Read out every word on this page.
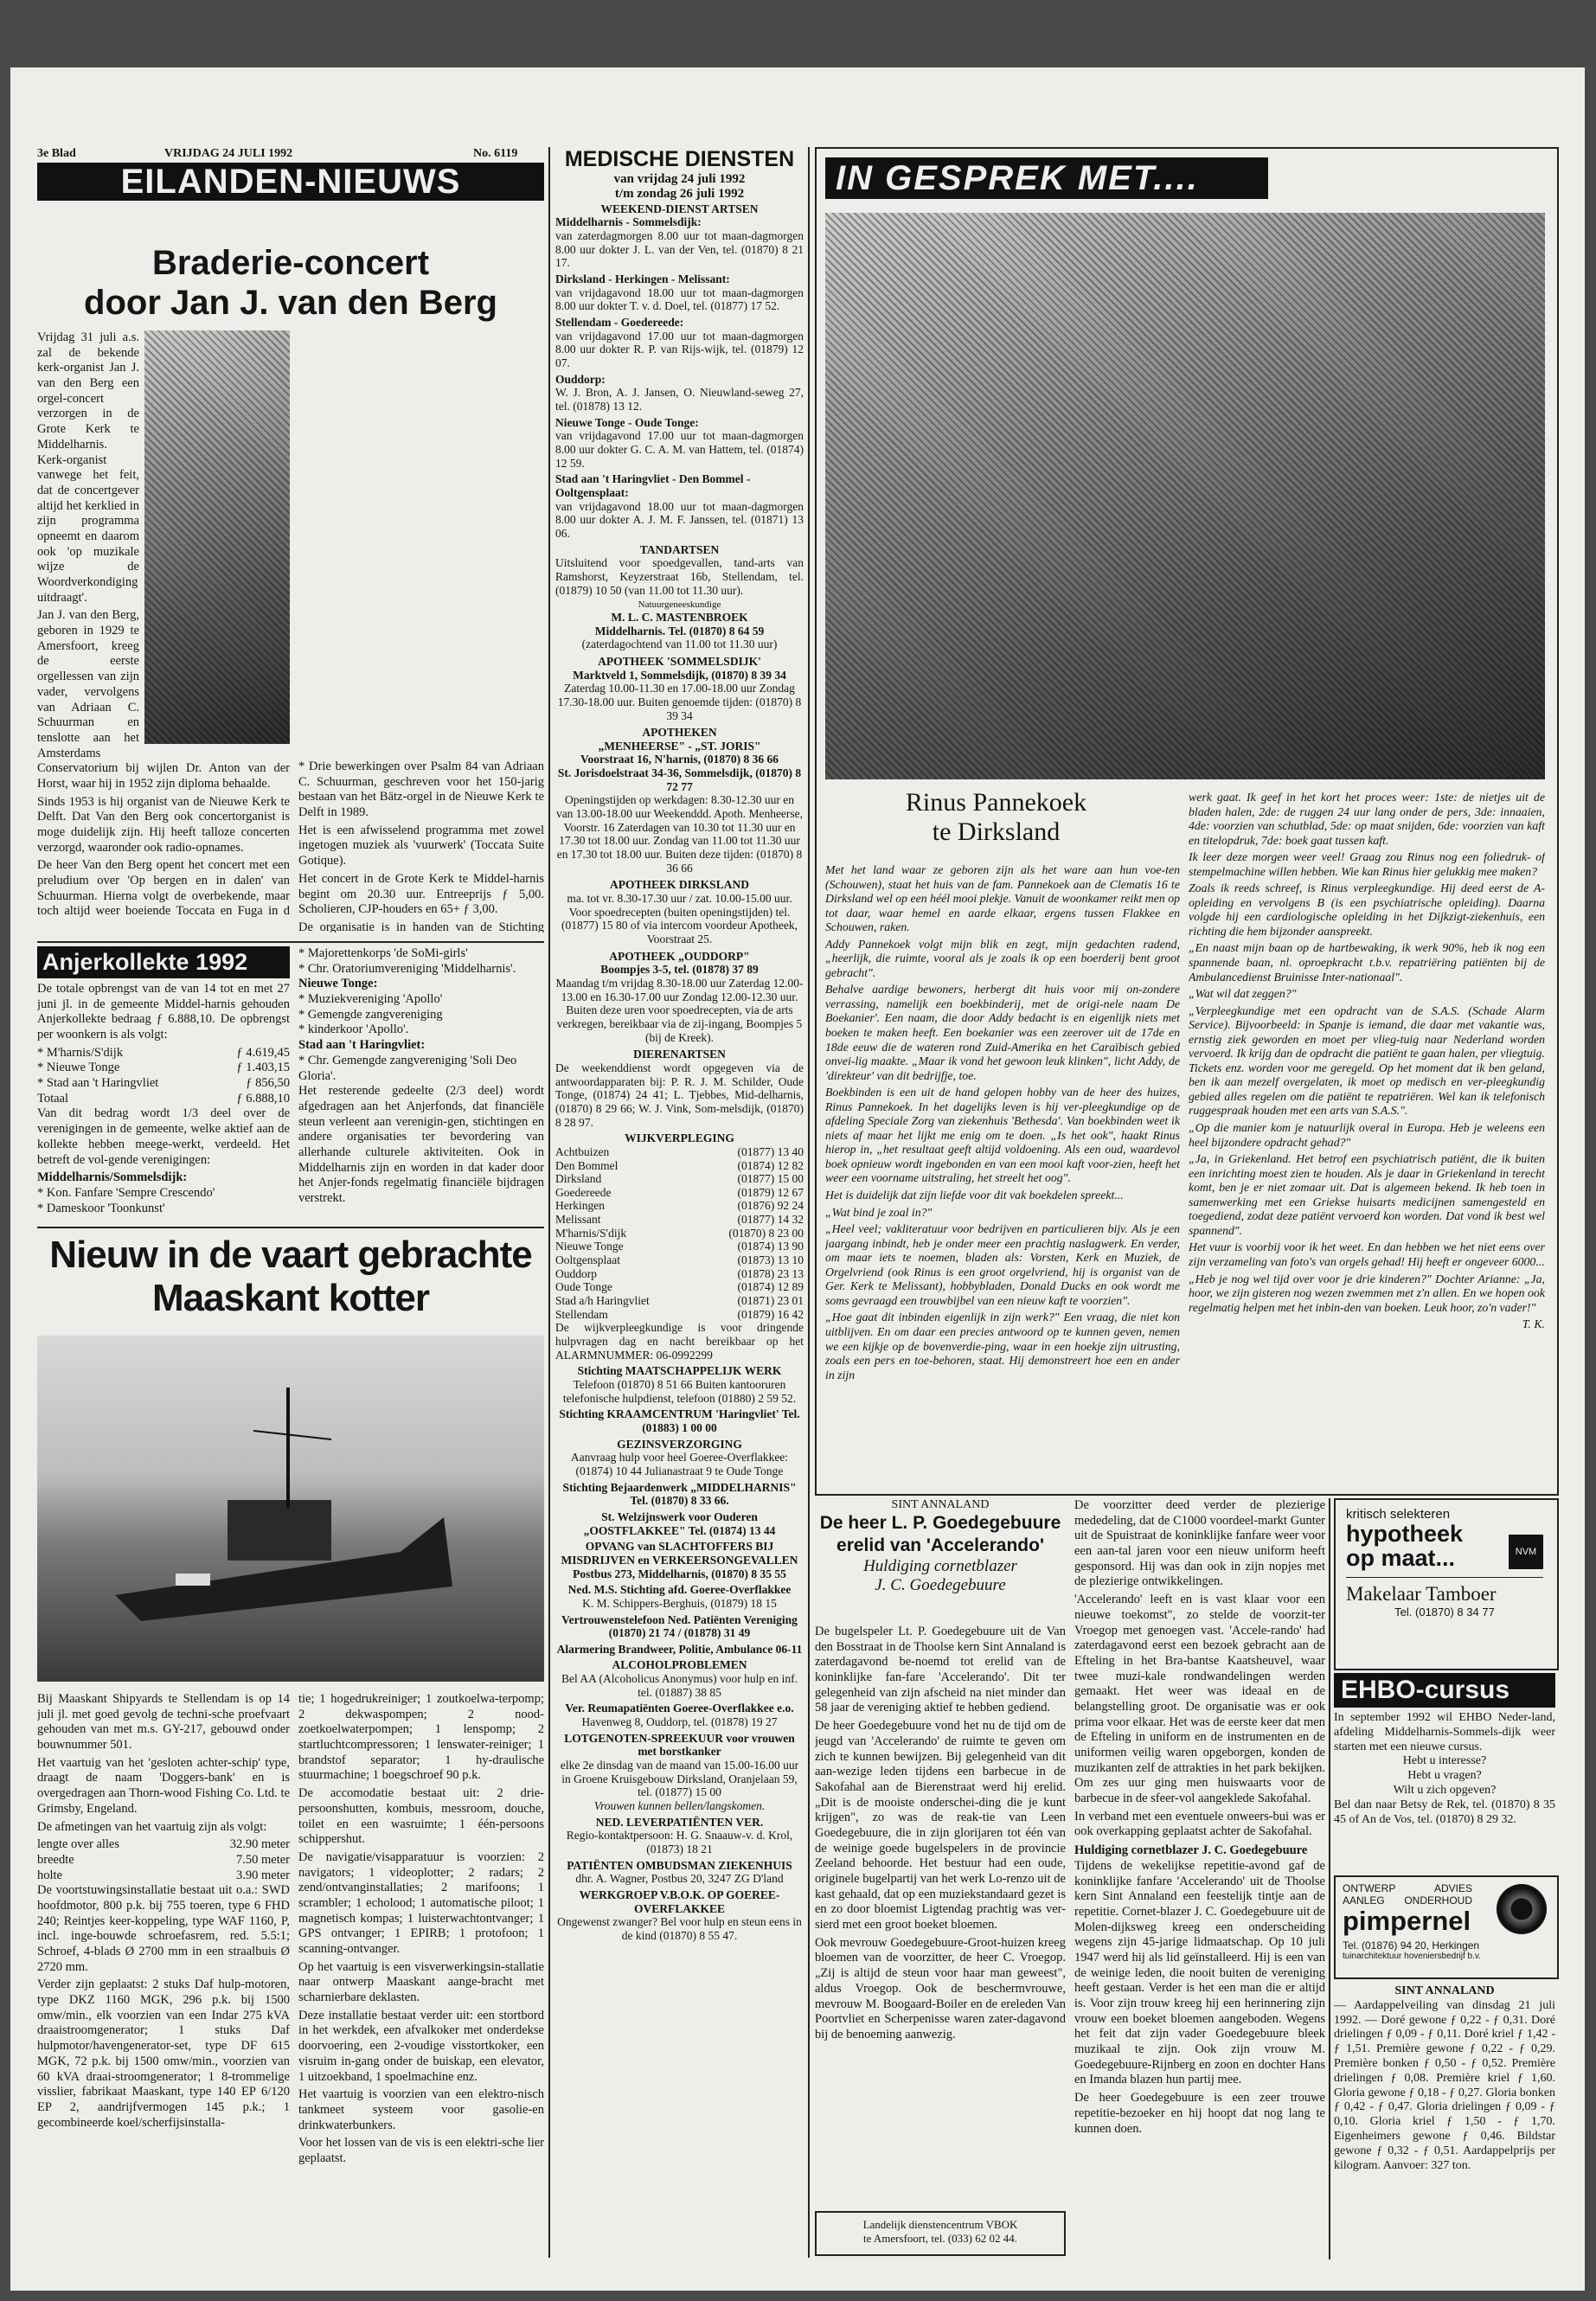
3e Blad	VRIJDAG 24 JULI 1992	No. 6119
EILANDEN-NIEUWS
Braderie-concert
door Jan J. van den Berg

Vrijdag 31 juli a.s. zal de bekende kerk-organist Jan J. van den Berg een orgel-concert verzorgen in de Grote Kerk te Middelharnis. Kerk-organist vanwege het feit, dat de concertgever altijd het kerklied in zijn programma opneemt en daarom ook 'op muzikale wijze de Woordverkondiging uitdraagt'.

Jan J. van den Berg, geboren in 1929 te Amersfoort, kreeg de eerste orgellessen van zijn vader, vervolgens van Adriaan C. Schuurman en tenslotte aan het Amsterdams Conservatorium bij wijlen Dr. Anton van der Horst, waar hij in 1952 zijn diploma behaalde.

Sinds 1953 is hij organist van de Nieuwe Kerk te Delft. Dat Van den Berg ook concertorganist is moge duidelijk zijn. Hij heeft talloze concerten verzorgd, waaronder ook radio-opnames.

De heer Van den Berg opent het concert met een preludium over 'Op bergen en in dalen' van Schuurman. Hierna volgt de overbekende, maar toch altijd weer boeiende Toccata en Fuga in d

* Drie bewerkingen over Psalm 84 van Adriaan C. Schuurman, geschreven voor het 150-jarig bestaan van het Bätz-orgel in de Nieuwe Kerk te Delft in 1989.

Het is een afwisselend programma met zowel ingetogen muziek als 'vuurwerk' (Toccata Suite Gotique).

Het concert in de Grote Kerk te Middel-harnis begint om 20.30 uur. Entreeprijs ƒ 5,00. Scholieren, CJP-houders en 65+ ƒ 3,00.

De organisatie is in handen van de Stichting

Anjerkollekte 1992

De totale opbrengst van de van 14 tot en met 27 juni jl. in de gemeente Middel-harnis gehouden Anjerkollekte bedraag ƒ 6.888,10. De opbrengst per woonkern is als volgt:

* M'harnis/S'dijk	ƒ 4.619,45
* Nieuwe Tonge	ƒ 1.403,15
* Stad aan 't Haringvliet	ƒ 856,50
Totaal	ƒ 6.888,10

Van dit bedrag wordt 1/3 deel over de verenigingen in de gemeente, welke aktief aan de kollekte hebben meege-werkt, verdeeld. Het betreft de vol-gende verenigingen:

Middelharnis/Sommelsdijk:
* Kon. Fanfare 'Sempre Crescendo'
* Dameskoor 'Toonkunst'
* Majorettenkorps 'de SoMi-girls'
* Chr. Oratoriumvereniging 'Middelharnis'.
Nieuwe Tonge:
* Muziekvereniging 'Apollo'
* Gemengde zangvereniging
* kinderkoor 'Apollo'.
Stad aan 't Haringvliet:
* Chr. Gemengde zangvereniging 'Soli Deo Gloria'.

Het resterende gedeelte (2/3 deel) wordt afgedragen aan het Anjerfonds, dat financiële steun verleent aan verenigin-gen, stichtingen en andere organisaties ter bevordering van allerhande culturele aktiviteiten. Ook in Middelharnis zijn en worden in dat kader door het Anjer-fonds regelmatig financiële bijdragen verstrekt.

Nieuw in de vaart gebrachte
Maaskant kotter

Bij Maaskant Shipyards te Stellendam is op 14 juli jl. met goed gevolg de techni-sche proefvaart gehouden van met m.s. GY-217, gebouwd onder bouwnummer 501.

Het vaartuig van het 'gesloten achter-schip' type, draagt de naam 'Doggers-bank' en is overgedragen aan Thorn-wood Fishing Co. Ltd. te Grimsby, Engeland.

De afmetingen van het vaartuig zijn als volgt:

lengte over alles	32.90 meter
breedte	7.50 meter
holte	3.90 meter

De voortstuwingsinstallatie bestaat uit o.a.: SWD hoofdmotor, 800 p.k. bij 755 toeren, type 6 FHD 240; Reintjes keer-koppeling, type WAF 1160, P, incl. inge-bouwde schroefasrem, red. 5.5:1; Schroef, 4-blads Ø 2700 mm in een straalbuis Ø 2720 mm.

Verder zijn geplaatst: 2 stuks Daf hulp-motoren, type DKZ 1160 MGK, 296 p.k. bij 1500 omw/min., elk voorzien van een Indar 275 kVA draaistroomgenerator; 1 stuks Daf hulpmotor/havengenerator-set, type DF 615 MGK, 72 p.k. bij 1500 omw/min., voorzien van 60 kVA draai-stroomgenerator; 1 8-trommelige visslier, fabrikaat Maaskant, type 140 EP 6/120 EP 2, aandrijfvermogen 145 p.k.; 1 gecombineerde koel/scherfijsinstalla-

tie; 1 hogedrukreiniger; 1 zoutkoelwa-terpomp; 2 dekwaspompen; 2 nood-zoetkoelwaterpompen; 1 lenspomp; 2 startluchtcompressoren; 1 lenswater-reiniger; 1 brandstof separator; 1 hy-draulische stuurmachine; 1 boegschroef 90 p.k.

De accomodatie bestaat uit: 2 drie-persoonshutten, kombuis, messroom, douche, toilet en een wasruimte; 1 één-persoons schippershut.

De navigatie/visapparatuur is voorzien: 2 navigators; 1 videoplotter; 2 radars; 2 zend/ontvanginstallaties; 2 marifoons; 1 scrambler; 1 echolood; 1 automatische piloot; 1 magnetisch kompas; 1 luisterwachtontvanger; 1 GPS ontvanger; 1 EPIRB; 1 protofoon; 1 scanning-ontvanger.

Op het vaartuig is een visverwerkingsin-stallatie naar ontwerp Maaskant aange-bracht met scharnierbare deklasten.

Deze installatie bestaat verder uit: een stortbord in het werkdek, een afvalkoker met onderdekse doorvoering, een 2-voudige visstortkoker, een visruim in-gang onder de buiskap, een elevator, 1 uitzoekband, 1 spoelmachine enz.

Het vaartuig is voorzien van een elektro-nisch tankmeet systeem voor gasolie-en drinkwaterbunkers.

Voor het lossen van de vis is een elektri-sche lier geplaatst.

MEDISCHE DIENSTEN
van vrijdag 24 juli 1992
t/m zondag 26 juli 1992
WEEKEND-DIENST ARTSEN
Middelharnis - Sommelsdijk:

van zaterdagmorgen 8.00 uur tot maan-dagmorgen 8.00 uur dokter J. L. van der Ven, tel. (01870) 8 21 17.

Dirksland - Herkingen - Melissant:

van vrijdagavond 18.00 uur tot maan-dagmorgen 8.00 uur dokter T. v. d. Doel, tel. (01877) 17 52.

Stellendam - Goedereede:

van vrijdagavond 17.00 uur tot maan-dagmorgen 8.00 uur dokter R. P. van Rijs-wijk, tel. (01879) 12 07.

Ouddorp:

W. J. Bron, A. J. Jansen, O. Nieuwland-seweg 27, tel. (01878) 13 12.

Nieuwe Tonge - Oude Tonge:

van vrijdagavond 17.00 uur tot maan-dagmorgen 8.00 uur dokter G. C. A. M. van Hattem, tel. (01874) 12 59.

Stad aan 't Haringvliet - Den Bommel - Ooltgensplaat:

van vrijdagavond 18.00 uur tot maan-dagmorgen 8.00 uur dokter A. J. M. F. Janssen, tel. (01871) 13 06.

TANDARTSEN

Uitsluitend voor spoedgevallen, tand-arts van Ramshorst, Keyzerstraat 16b, Stellendam, tel. (01879) 10 50 (van 11.00 tot 11.30 uur).

Natuurgeneeskundige
M. L. C. MASTENBROEK
Middelharnis. Tel. (01870) 8 64 59
(zaterdagochtend van 11.00 tot 11.30 uur)
APOTHEEK 'SOMMELSDIJK'
Marktveld 1, Sommelsdijk, (01870) 8 39 34
Zaterdag 10.00-11.30 en 17.00-18.00 uur Zondag 17.30-18.00 uur. Buiten genoemde tijden: (01870) 8 39 34
APOTHEKEN
„MENHEERSE" - „ST. JORIS"
Voorstraat 16, N'harnis, (01870) 8 36 66
St. Jorisdoelstraat 34-36, Sommelsdijk, (01870) 8 72 77
Openingstijden op werkdagen: 8.30-12.30 uur en van 13.00-18.00 uur Weekenddd. Apoth. Menheerse, Voorstr. 16 Zaterdagen van 10.30 tot 11.30 uur en 17.30 tot 18.00 uur. Zondag van 11.00 tot 11.30 uur en 17.30 tot 18.00 uur. Buiten deze tijden: (01870) 8 36 66
APOTHEEK DIRKSLAND
ma. tot vr. 8.30-17.30 uur / zat. 10.00-15.00 uur. Voor spoedrecepten (buiten openingstijden) tel. (01877) 15 80 of via intercom voordeur Apotheek, Voorstraat 25.
APOTHEEK „OUDDORP"
Boompjes 3-5, tel. (01878) 37 89
Maandag t/m vrijdag 8.30-18.00 uur Zaterdag 12.00-13.00 en 16.30-17.00 uur Zondag 12.00-12.30 uur. Buiten deze uren voor spoedrecepten, via de arts verkregen, bereikbaar via de zij-ingang, Boompjes 5 (bij de Kreek).
DIERENARTSEN

De weekenddienst wordt opgegeven via de antwoordapparaten bij: P. R. J. M. Schilder, Oude Tonge, (01874) 24 41; L. Tjebbes, Mid-delharnis, (01870) 8 29 66; W. J. Vink, Som-melsdijk, (01870) 8 28 97.

WIJKVERPLEGING
Achtbuizen	(01877) 13 40
Den Bommel	(01874) 12 82
Dirksland	(01877) 15 00
Goedereede	(01879) 12 67
Herkingen	(01876) 92 24
Melissant	(01877) 14 32
M'harnis/S'dijk	(01870) 8 23 00
Nieuwe Tonge	(01874) 13 90
Ooltgensplaat	(01873) 13 10
Ouddorp	(01878) 23 13
Oude Tonge	(01874) 12 89
Stad a/h Haringvliet	(01871) 23 01
Stellendam	(01879) 16 42

De wijkverpleegkundige is voor dringende hulpvragen dag en nacht bereikbaar op het ALARMNUMMER: 06-0992299

Stichting MAATSCHAPPELIJK WERK
Telefoon (01870) 8 51 66 Buiten kantooruren telefonische hulpdienst, telefoon (01880) 2 59 52.
Stichting KRAAMCENTRUM 'Haringvliet' Tel. (01883) 1 00 00
GEZINSVERZORGING
Aanvraag hulp voor heel Goeree-Overflakkee: (01874) 10 44 Julianastraat 9 te Oude Tonge
Stichting Bejaardenwerk „MIDDELHARNIS" Tel. (01870) 8 33 66.
St. Welzijnswerk voor Ouderen „OOSTFLAKKEE" Tel. (01874) 13 44
OPVANG van SLACHTOFFERS BIJ MISDRIJVEN en VERKEERSONGEVALLEN
Postbus 273, Middelharnis, (01870) 8 35 55
Ned. M.S. Stichting afd. Goeree-Overflakkee
K. M. Schippers-Berghuis, (01879) 18 15
Vertrouwenstelefoon Ned. Patiënten Vereniging (01870) 21 74 / (01878) 31 49
Alarmering Brandweer, Politie, Ambulance 06-11
ALCOHOLPROBLEMEN
Bel AA (Alcoholicus Anonymus) voor hulp en inf. tel. (01887) 38 85
Ver. Reumapatiënten Goeree-Overflakkee e.o.
Havenweg 8, Ouddorp, tel. (01878) 19 27
LOTGENOTEN-SPREEKUUR voor vrouwen met borstkanker
elke 2e dinsdag van de maand van 15.00-16.00 uur in Groene Kruisgebouw Dirksland, Oranjelaan 59, tel. (01877) 15 00
Vrouwen kunnen bellen/langskomen.
NED. LEVERPATIËNTEN VER.
Regio-kontaktpersoon: H. G. Snaauw-v. d. Krol, (01873) 18 21
PATIËNTEN OMBUDSMAN ZIEKENHUIS
dhr. A. Wagner, Postbus 20, 3247 ZG D'land
WERKGROEP V.B.O.K. OP GOEREE-OVERFLAKKEE
Ongewenst zwanger? Bel voor hulp en steun eens in de kind (01870) 8 55 47.
IN GESPREK MET....
Rinus Pannekoek
te Dirksland

Met het land waar ze geboren zijn als het ware aan hun voe-ten (Schouwen), staat het huis van de fam. Pannekoek aan de Clematis 16 te Dirksland wel op een héél mooi plekje. Vanuit de woonkamer reikt men op tot daar, waar hemel en aarde elkaar, ergens tussen Flakkee en Schouwen, raken.

Addy Pannekoek volgt mijn blik en zegt, mijn gedachten radend, „heerlijk, die ruimte, vooral als je zoals ik op een boerderij bent groot gebracht".

Behalve aardige bewoners, herbergt dit huis voor mij on-zondere verrassing, namelijk een boekbinderij, met de origi-nele naam De Boekanier'. Een naam, die door Addy bedacht is en eigenlijk niets met boeken te maken heeft. Een boekanier was een zeerover uit de 17de en 18de eeuw die de wateren rond Zuid-Amerika en het Caraïbisch gebied onvei-lig maakte. „Maar ik vond het gewoon leuk klinken", licht Addy, de 'direkteur' van dit bedrijfje, toe.

Boekbinden is een uit de hand gelopen hobby van de heer des huizes, Rinus Pannekoek. In het dagelijks leven is hij ver-pleegkundige op de afdeling Speciale Zorg van ziekenhuis 'Bethesda'. Van boekbinden weet ik niets af maar het lijkt me enig om te doen. „Is het ook", haakt Rinus hierop in, „het resultaat geeft altijd voldoening. Als een oud, waardevol boek opnieuw wordt ingebonden en van een mooi kaft voor-zien, heeft het weer een voorname uitstraling, het streelt het oog".

Het is duidelijk dat zijn liefde voor dit vak boekdelen spreekt...

„Wat bind je zoal in?"

„Heel veel; vakliteratuur voor bedrijven en particulieren bijv. Als je een jaargang inbindt, heb je onder meer een prachtig naslagwerk. En verder, om maar iets te noemen, bladen als: Vorsten, Kerk en Muziek, de Orgelvriend (ook Rinus is een groot orgelvriend, hij is organist van de Ger. Kerk te Melissant), hobbybladen, Donald Ducks en ook wordt me soms gevraagd een trouwbijbel van een nieuw kaft te voorzien".

„Hoe gaat dit inbinden eigenlijk in zijn werk?" Een vraag, die niet kon uitblijven. En om daar een precies antwoord op te kunnen geven, nemen we een kijkje op de bovenverdie-ping, waar in een hoekje zijn uitrusting, zoals een pers en toe-behoren, staat. Hij demonstreert hoe een en ander in zijn

werk gaat. Ik geef in het kort het proces weer: 1ste: de nietjes uit de bladen halen, 2de: de ruggen 24 uur lang onder de pers, 3de: innaaien, 4de: voorzien van schutblad, 5de: op maat snijden, 6de: voorzien van kaft en titelopdruk, 7de: boek gaat tussen kaft.

Ik leer deze morgen weer veel! Graag zou Rinus nog een foliedruk- of stempelmachine willen hebben. Wie kan Rinus hier gelukkig mee maken?

Zoals ik reeds schreef, is Rinus verpleegkundige. Hij deed eerst de A-opleiding en vervolgens B (is een psychiatrische opleiding). Daarna volgde hij een cardiologische opleiding in het Dijkzigt-ziekenhuis, een richting die hem bijzonder aanspreekt.

„En naast mijn baan op de hartbewaking, ik werk 90%, heb ik nog een spannende baan, nl. oproepkracht t.b.v. repatriëring patiënten bij de Ambulancedienst Bruinisse Inter-nationaal".

„Wat wil dat zeggen?"

„Verpleegkundige met een opdracht van de S.A.S. (Schade Alarm Service). Bijvoorbeeld: in Spanje is iemand, die daar met vakantie was, ernstig ziek geworden en moet per vlieg-tuig naar Nederland worden vervoerd. Ik krijg dan de opdracht die patiënt te gaan halen, per vliegtuig. Tickets enz. worden voor me geregeld. Op het moment dat ik ben geland, ben ik aan mezelf overgelaten, ik moet op medisch en ver-pleegkundig gebied alles regelen om die patiënt te repatriëren. Wel kan ik telefonisch ruggespraak houden met een arts van S.A.S.".

„Op die manier kom je natuurlijk overal in Europa. Heb je weleens een heel bijzondere opdracht gehad?"

„Ja, in Griekenland. Het betrof een psychiatrisch patiënt, die ik buiten een inrichting moest zien te houden. Als je daar in Griekenland in terecht komt, ben je er niet zomaar uit. Dat is algemeen bekend. Ik heb toen in samenwerking met een Griekse huisarts medicijnen samengesteld en toegediend, zodat deze patiënt vervoerd kon worden. Dat vond ik best wel spannend".

Het vuur is voorbij voor ik het weet. En dan hebben we het niet eens over zijn verzameling van foto's van orgels gehad! Hij heeft er ongeveer 6000...

„Heb je nog wel tijd over voor je drie kinderen?" Dochter Arianne: „Ja, hoor, we zijn gisteren nog wezen zwemmen met z'n allen. En we hopen ook regelmatig helpen met het inbin-den van boeken. Leuk hoor, zo'n vader!"

T. K.
SINT ANNALAND
De heer L. P. Goedegebuure
erelid van 'Accelerando'
Huldiging cornetblazer
J. C. Goedegebuure

De bugelspeler Lt. P. Goedegebuure uit de Van den Bosstraat in de Thoolse kern Sint Annaland is zaterdagavond be-noemd tot erelid van de koninklijke fan-fare 'Accelerando'. Dit ter gelegenheid van zijn afscheid na niet minder dan 58 jaar de vereniging aktief te hebben gediend.

De heer Goedegebuure vond het nu de tijd om de jeugd van 'Accelerando' de ruimte te geven om zich te kunnen bewijzen. Bij gelegenheid van dit aan-wezige leden tijdens een barbecue in de Sakofahal aan de Bierenstraat werd hij erelid. „Dit is de mooiste onderschei-ding die je kunt krijgen", zo was de reak-tie van Leen Goedegebuure, die in zijn glorijaren tot één van de weinige goede bugelspelers in de provincie Zeeland behoorde. Het bestuur had een oude, originele bugelpartij van het werk Lo-renzo uit de kast gehaald, dat op een muziekstandaard gezet is en zo door bloemist Ligtendag prachtig was ver-sierd met een groot boeket bloemen.

Ook mevrouw Goedegebuure-Groot-huizen kreeg bloemen van de voorzitter, de heer C. Vroegop. „Zij is altijd de steun voor haar man geweest", aldus Vroegop. Ook de beschermvrouwe, mevrouw M. Boogaard-Boiler en de ereleden Van Poortvliet en Scherpenisse waren zater-dagavond bij de benoeming aanwezig.

De voorzitter deed verder de plezierige mededeling, dat de C1000 voordeel-markt Gunter uit de Spuistraat de koninklijke fanfare weer voor een aan-tal jaren voor een nieuw uniform heeft gesponsord. Hij was dan ook in zijn nopjes met de plezierige ontwikkelingen.

'Accelerando' leeft en is vast klaar voor een nieuwe toekomst", zo stelde de voorzit-ter Vroegop met genoegen vast. 'Accele-rando' had zaterdagavond eerst een bezoek gebracht aan de Efteling in het Bra-bantse Kaatsheuvel, waar twee muzi-kale rondwandelingen werden gemaakt. Het weer was ideaal en de belangstelling groot. De organisatie was er ook prima voor elkaar. Het was de eerste keer dat men de Efteling in uniform en de instrumenten en de uniformen veilig waren opgeborgen, konden de muzikanten zelf de attrakties in het park bekijken. Om zes uur ging men huiswaarts voor de barbecue in de sfeer-vol aangeklede Sakofahal.

In verband met een eventuele onweers-bui was er ook overkapping geplaatst achter de Sakofahal.

Huldiging cornetblazer J. C. Goedegebuure

Tijdens de wekelijkse repetitie-avond gaf de koninklijke fanfare 'Accelerando' uit de Thoolse kern Sint Annaland een feestelijk tintje aan de repetitie. Cornet-blazer J. C. Goedegebuure uit de Molen-dijksweg kreeg een onderscheiding wegens zijn 45-jarige lidmaatschap. Op 10 juli 1947 werd hij als lid geïnstalleerd. Hij is een van de weinige leden, die nooit buiten de vereniging heeft gestaan. Verder is het een man die er altijd is. Voor zijn trouw kreeg hij een herinnering zijn vrouw een boeket bloemen aangeboden. Wegens het feit dat zijn vader Goedegebuure bleek muzikaal te zijn. Ook zijn vrouw M. Goedegebuure-Rijnberg en zoon en dochter Hans en Imanda blazen hun partij mee.

De heer Goedegebuure is een zeer trouwe repetitie-bezoeker en hij hoopt dat nog lang te kunnen doen.

Landelijk dienstencentrum VBOK
te Amersfoort, tel. (033) 62 02 44.
kritisch selekteren
hypotheek
op maat...	NVM
Makelaar Tamboer
Tel. (01870) 8 34 77
EHBO-cursus
In september 1992 wil EHBO Neder-land, afdeling Middelharnis-Sommels-dijk weer starten met een nieuwe cursus.
Hebt u interesse?
Hebt u vragen?
Wilt u zich opgeven?
Bel dan naar Betsy de Rek, tel. (01870) 8 35 45 of An de Vos, tel. (01870) 8 29 32.
ONTWERP	ADVIES
AANLEG ONDERHOUD
pimpernel
Tel. (01876) 94 20, Herkingen
tuinarchitektuur hoveniersbedrijf b.v.
SINT ANNALAND

— Aardappelveiling van dinsdag 21 juli 1992. — Doré gewone ƒ 0,22 - ƒ 0,31. Doré drielingen ƒ 0,09 - ƒ 0,11. Doré kriel ƒ 1,42 - ƒ 1,51. Première gewone ƒ 0,22 - ƒ 0,29. Première bonken ƒ 0,50 - ƒ 0,52. Première drielingen ƒ 0,08. Première kriel ƒ 1,60. Gloria gewone ƒ 0,18 - ƒ 0,27. Gloria bonken ƒ 0,42 - ƒ 0,47. Gloria drielingen ƒ 0,09 - ƒ 0,10. Gloria kriel ƒ 1,50 - ƒ 1,70. Eigenheimers gewone ƒ 0,46. Bildstar gewone ƒ 0,32 - ƒ 0,51. Aardappelprijs per kilogram. Aanvoer: 327 ton.
